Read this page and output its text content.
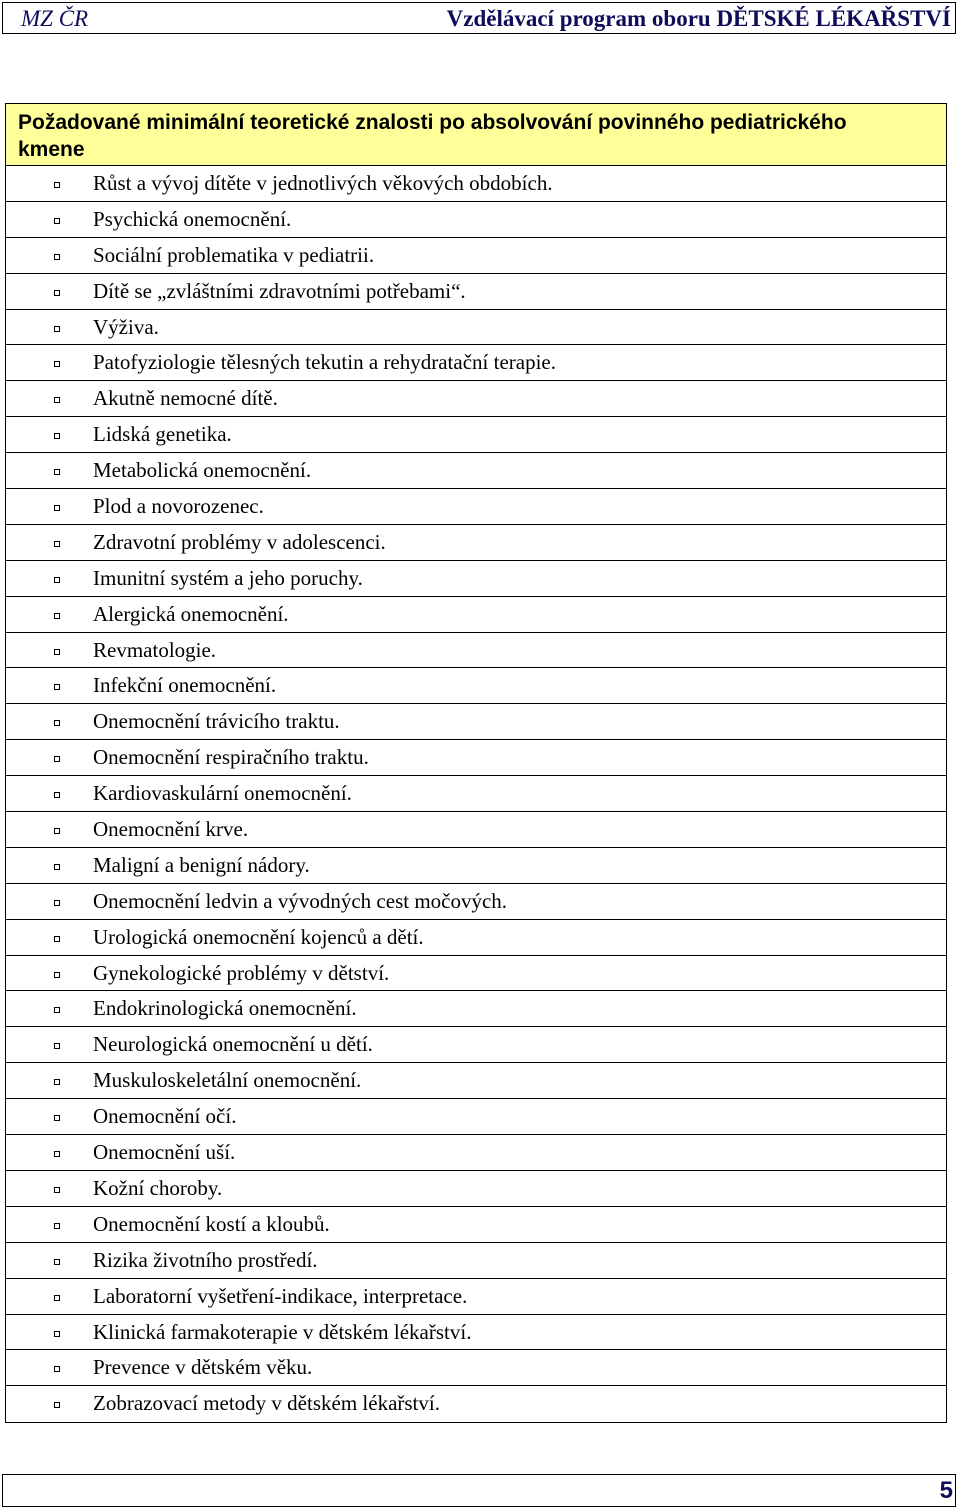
MZ ČR	Vzdělávací program oboru DĚTSKÉ LÉKAŘSTVÍ
Požadované minimální teoretické znalosti po absolvování povinného pediatrického
kmene
Růst a vývoj dítěte v jednotlivých věkových obdobích.
Psychická onemocnění.
Sociální problematika v pediatrii.
Dítě se „zvláštními zdravotními potřebami“.
Výživa.
Patofyziologie tělesných tekutin a rehydratační terapie.
Akutně nemocné dítě.
Lidská genetika.
Metabolická onemocnění.
Plod a novorozenec.
Zdravotní problémy v adolescenci.
Imunitní systém a jeho poruchy.
Alergická onemocnění.
Revmatologie.
Infekční onemocnění.
Onemocnění trávicího traktu.
Onemocnění respiračního traktu.
Kardiovaskulární onemocnění.
Onemocnění krve.
Maligní a benigní nádory.
Onemocnění ledvin a vývodných cest močových.
Urologická onemocnění kojenců a dětí.
Gynekologické problémy v dětství.
Endokrinologická onemocnění.
Neurologická onemocnění u dětí.
Muskuloskeletální onemocnění.
Onemocnění očí.
Onemocnění uší.
Kožní choroby.
Onemocnění kostí a kloubů.
Rizika životního prostředí.
Laboratorní vyšetření-indikace, interpretace.
Klinická farmakoterapie v dětském lékařství.
Prevence v dětském věku.
Zobrazovací metody v dětském lékařství.
5
